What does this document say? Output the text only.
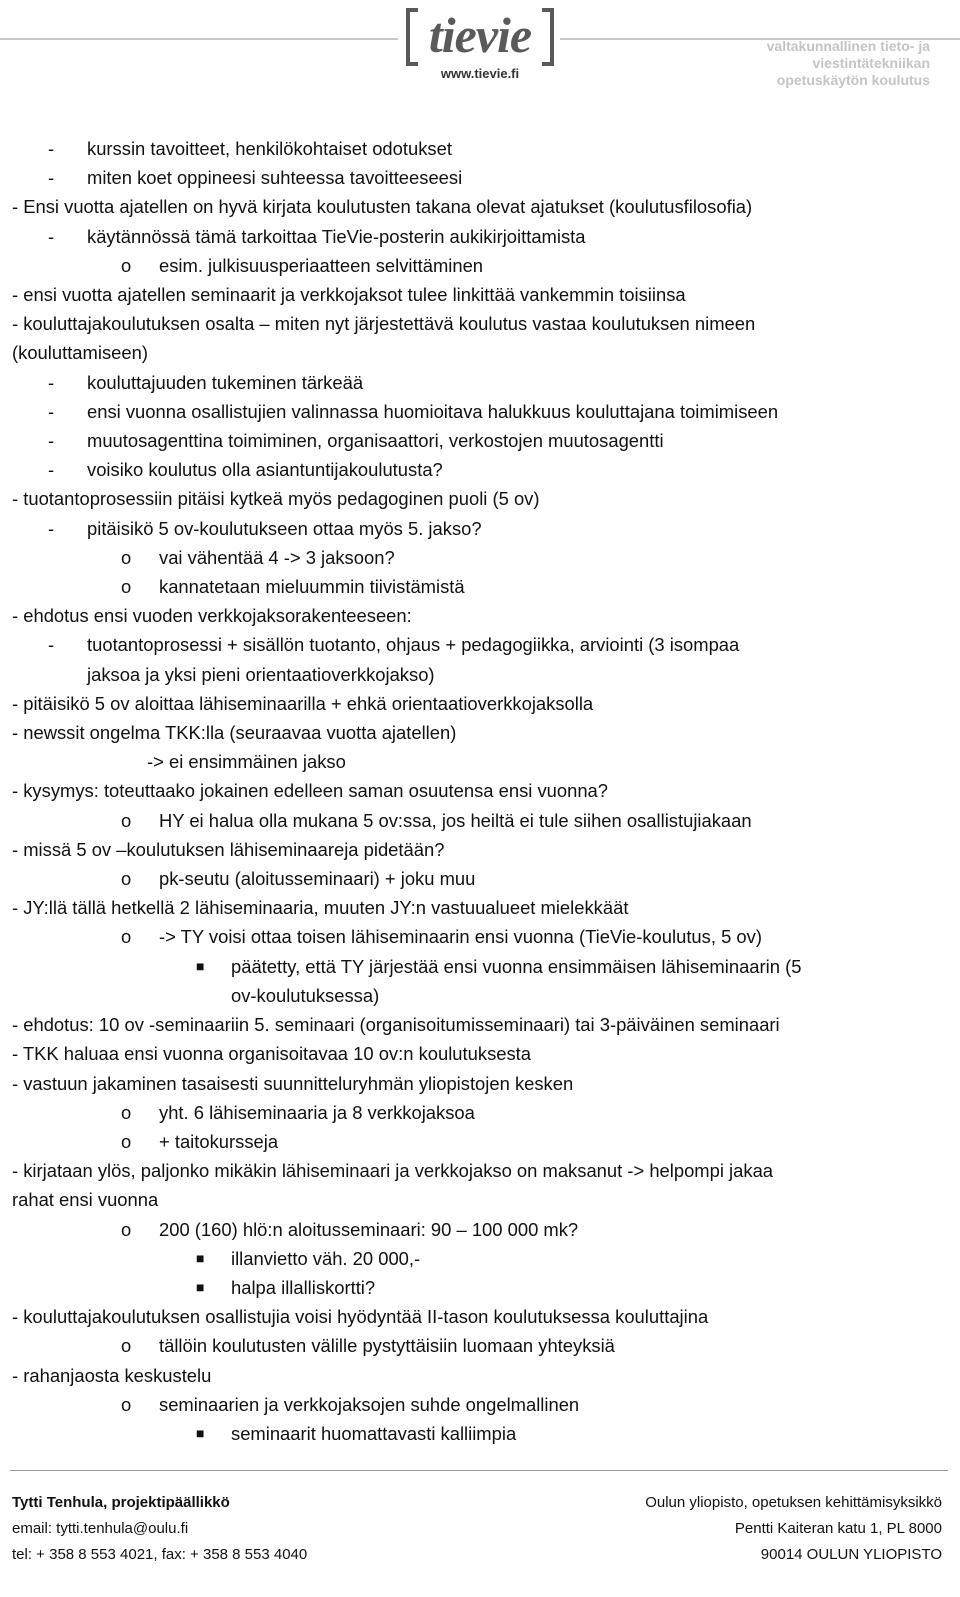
tievie
www.tievie.fi
valtakunnallinen tieto- ja
viestintätekniikan
opetuskäytön koulutus
- kurssin tavoitteet, henkilökohtaiset odotukset
- miten koet oppineesi suhteessa tavoitteeseesi
- Ensi vuotta ajatellen on hyvä kirjata koulutusten takana olevat ajatukset (koulutusfilosofia)
- käytännössä tämä tarkoittaa TieVie-posterin aukikirjoittamista
o esim. julkisuusperiaatteen selvittäminen
- ensi vuotta ajatellen seminaarit ja verkkojaksot tulee linkittää vankemmin toisiinsa
- kouluttajakoulutuksen osalta – miten nyt järjestettävä koulutus vastaa koulutuksen nimeen
(kouluttamiseen)
- kouluttajuuden tukeminen tärkeää
- ensi vuonna osallistujien valinnassa huomioitava halukkuus kouluttajana toimimiseen
- muutosagenttina toimiminen, organisaattori, verkostojen muutosagentti
- voisiko koulutus olla asiantuntijakoulutusta?
- tuotantoprosessiin pitäisi kytkeä myös pedagoginen puoli (5 ov)
- pitäisikö 5 ov-koulutukseen ottaa myös 5. jakso?
o vai vähentää 4 -> 3 jaksoon?
o kannatetaan mieluummin tiivistämistä
- ehdotus ensi vuoden verkkojaksorakenteeseen:
- tuotantoprosessi + sisällön tuotanto, ohjaus + pedagogiikka, arviointi (3 isompaa
jaksoa ja yksi pieni orientaatioverkkojakso)
- pitäisikö 5 ov aloittaa lähiseminaarilla + ehkä orientaatioverkkojaksolla
- newssit ongelma TKK:lla (seuraavaa vuotta ajatellen)
-> ei ensimmäinen jakso
- kysymys: toteuttaako jokainen edelleen saman osuutensa ensi vuonna?
o HY ei halua olla mukana 5 ov:ssa, jos heiltä ei tule siihen osallistujiakaan
- missä 5 ov –koulutuksen lähiseminaareja pidetään?
o pk-seutu (aloitusseminaari) + joku muu
- JY:llä tällä hetkellä 2 lähiseminaaria, muuten JY:n vastuualueet mielekkäät
o -> TY voisi ottaa toisen lähiseminaarin ensi vuonna (TieVie-koulutus, 5 ov)
■ päätetty, että TY järjestää ensi vuonna ensimmäisen lähiseminaarin (5
ov-koulutuksessa)
- ehdotus: 10 ov -seminaariin 5. seminaari (organisoitumisseminaari) tai 3-päiväinen seminaari
- TKK haluaa ensi vuonna organisoitavaa 10 ov:n koulutuksesta
- vastuun jakaminen tasaisesti suunnitteluryhmän yliopistojen kesken
o yht. 6 lähiseminaaria ja 8 verkkojaksoa
o + taitokursseja
- kirjataan ylös, paljonko mikäkin lähiseminaari ja verkkojakso on maksanut -> helpompi jakaa
rahat ensi vuonna
o 200 (160) hlö:n aloitusseminaari: 90 – 100 000 mk?
■ illanvietto väh. 20 000,-
■ halpa illalliskortti?
- kouluttajakoulutuksen osallistujia voisi hyödyntää II-tason koulutuksessa kouluttajina
o tällöin koulutusten välille pystyttäisiin luomaan yhteyksiä
- rahanjaosta keskustelu
o seminaarien ja verkkojaksojen suhde ongelmallinen
■ seminaarit huomattavasti kalliimpia
Tytti Tenhula, projektipäällikkö
email: tytti.tenhula@oulu.fi
tel: + 358 8 553 4021, fax: + 358 8 553 4040
Oulun yliopisto, opetuksen kehittämisyksikkö
Pentti Kaiteran katu 1, PL 8000
90014 OULUN YLIOPISTO
